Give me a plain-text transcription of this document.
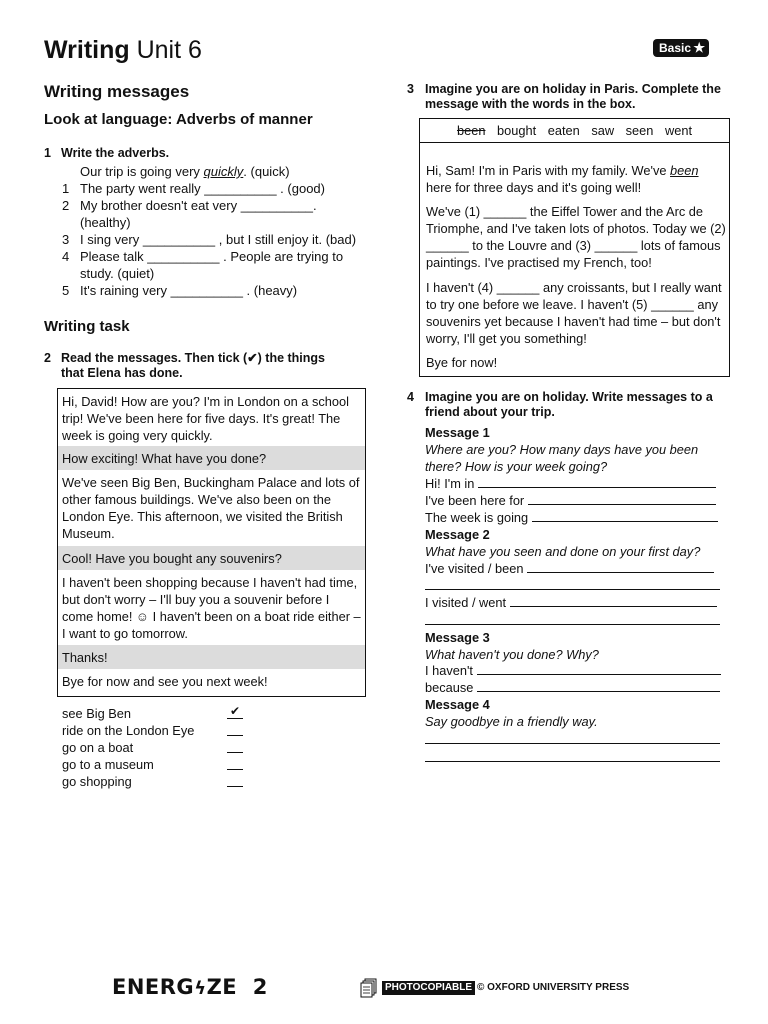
Writing Unit 6	Basic ★
Writing messages
Look at language: Adverbs of manner
1 Write the adverbs.
Our trip is going very quickly. (quick)
1 The party went really __________ . (good)
2 My brother doesn't eat very __________. (healthy)
3 I sing very __________ , but I still enjoy it. (bad)
4 Please talk __________ . People are trying to study. (quiet)
5 It's raining very __________ . (heavy)
Writing task
2 Read the messages. Then tick (✔) the things
that Elena has done.
Hi, David! How are you? I'm in London on a school trip! We've been here for five days. It's great! The week is going very quickly.
How exciting! What have you done?
We've seen Big Ben, Buckingham Palace and lots of other famous buildings. We've also been on the London Eye. This afternoon, we visited the British Museum.
Cool! Have you bought any souvenirs?
I haven't been shopping because I haven't had time, but don't worry – I'll buy you a souvenir before I come home! ☺ I haven't been on a boat ride either – I want to go tomorrow.
Thanks!
Bye for now and see you next week!
see Big Ben	✔
ride on the London Eye
go on a boat
go to a museum
go shopping
3 Imagine you are on holiday in Paris. Complete the message with the words in the box.
been bought eaten saw seen went
Hi, Sam! I'm in Paris with my family. We've been here for three days and it's going well!
We've (1) ______ the Eiffel Tower and the Arc de Triomphe, and I've taken lots of photos. Today we (2) ______ to the Louvre and (3) ______ lots of famous paintings. I've practised my French, too!
I haven't (4) ______ any croissants, but I really want to try one before we leave. I haven't (5) ______ any souvenirs yet because I haven't had time – but don't worry, I'll get you something!
Bye for now!
4 Imagine you are on holiday. Write messages to a friend about your trip.
Message 1
Where are you? How many days have you been
there? How is your week going?
Hi! I'm in
I've been here for
The week is going
Message 2
What have you seen and done on your first day?
I've visited / been
I visited / went
Message 3
What haven't you done? Why?
I haven't
because
Message 4
Say goodbye in a friendly way.
ENERGϟZE 2	PHOTOCOPIABLE © OXFORD UNIVERSITY PRESS
